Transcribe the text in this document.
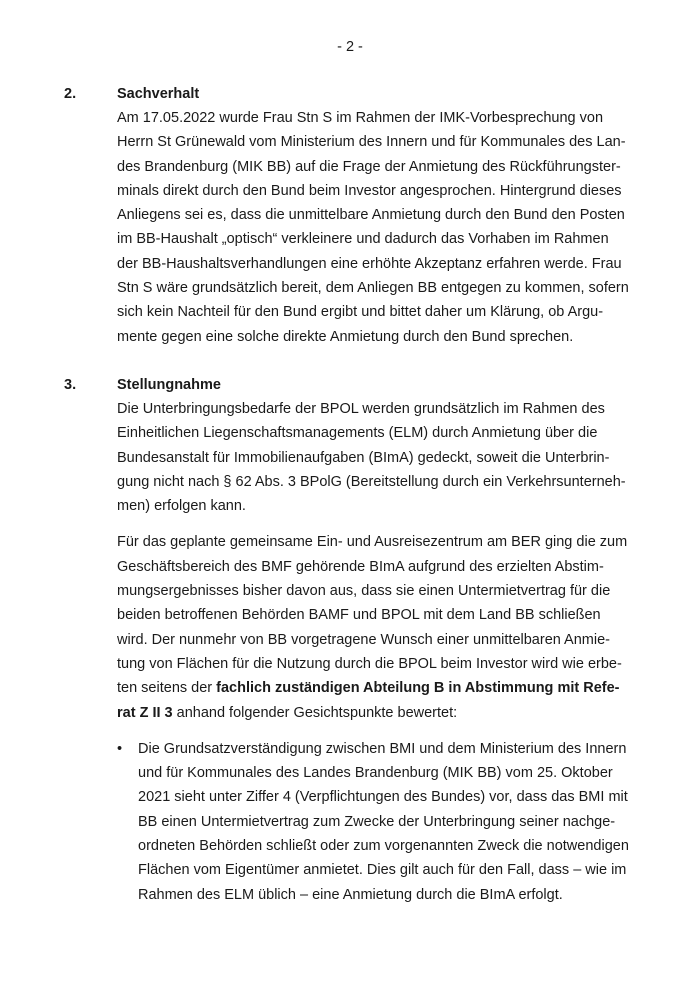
- 2 -
2.	Sachverhalt

Am 17.05.2022 wurde Frau Stn S im Rahmen der IMK-Vorbesprechung von
Herrn St Grünewald vom Ministerium des Innern und für Kommunales des Lan-
des Brandenburg (MIK BB) auf die Frage der Anmietung des Rückführungster-
minals direkt durch den Bund beim Investor angesprochen. Hintergrund dieses
Anliegens sei es, dass die unmittelbare Anmietung durch den Bund den Posten
im BB-Haushalt „optisch“ verkleinere und dadurch das Vorhaben im Rahmen
der BB-Haushaltsverhandlungen eine erhöhte Akzeptanz erfahren werde. Frau
Stn S wäre grundsätzlich bereit, dem Anliegen BB entgegen zu kommen, sofern
sich kein Nachteil für den Bund ergibt und bittet daher um Klärung, ob Argu-
mente gegen eine solche direkte Anmietung durch den Bund sprechen.

3.	Stellungnahme

Die Unterbringungsbedarfe der BPOL werden grundsätzlich im Rahmen des
Einheitlichen Liegenschaftsmanagements (ELM) durch Anmietung über die
Bundesanstalt für Immobilienaufgaben (BImA) gedeckt, soweit die Unterbrin-
gung nicht nach § 62 Abs. 3 BPolG (Bereitstellung durch ein Verkehrsunterneh-
men) erfolgen kann.

Für das geplante gemeinsame Ein- und Ausreisezentrum am BER ging die zum
Geschäftsbereich des BMF gehörende BImA aufgrund des erzielten Abstim-
mungsergebnisses bisher davon aus, dass sie einen Untermietvertrag für die
beiden betroffenen Behörden BAMF und BPOL mit dem Land BB schließen
wird. Der nunmehr von BB vorgetragene Wunsch einer unmittelbaren Anmie-
tung von Flächen für die Nutzung durch die BPOL beim Investor wird wie erbe-
ten seitens der fachlich zuständigen Abteilung B in Abstimmung mit Refe-
rat Z II 3 anhand folgender Gesichtspunkte bewertet:

• Die Grundsatzverständigung zwischen BMI und dem Ministerium des Innern
und für Kommunales des Landes Brandenburg (MIK BB) vom 25. Oktober
2021 sieht unter Ziffer 4 (Verpflichtungen des Bundes) vor, dass das BMI mit
BB einen Untermietvertrag zum Zwecke der Unterbringung seiner nachge-
ordneten Behörden schließt oder zum vorgenannten Zweck die notwendigen
Flächen vom Eigentümer anmietet. Dies gilt auch für den Fall, dass – wie im
Rahmen des ELM üblich – eine Anmietung durch die BImA erfolgt.
